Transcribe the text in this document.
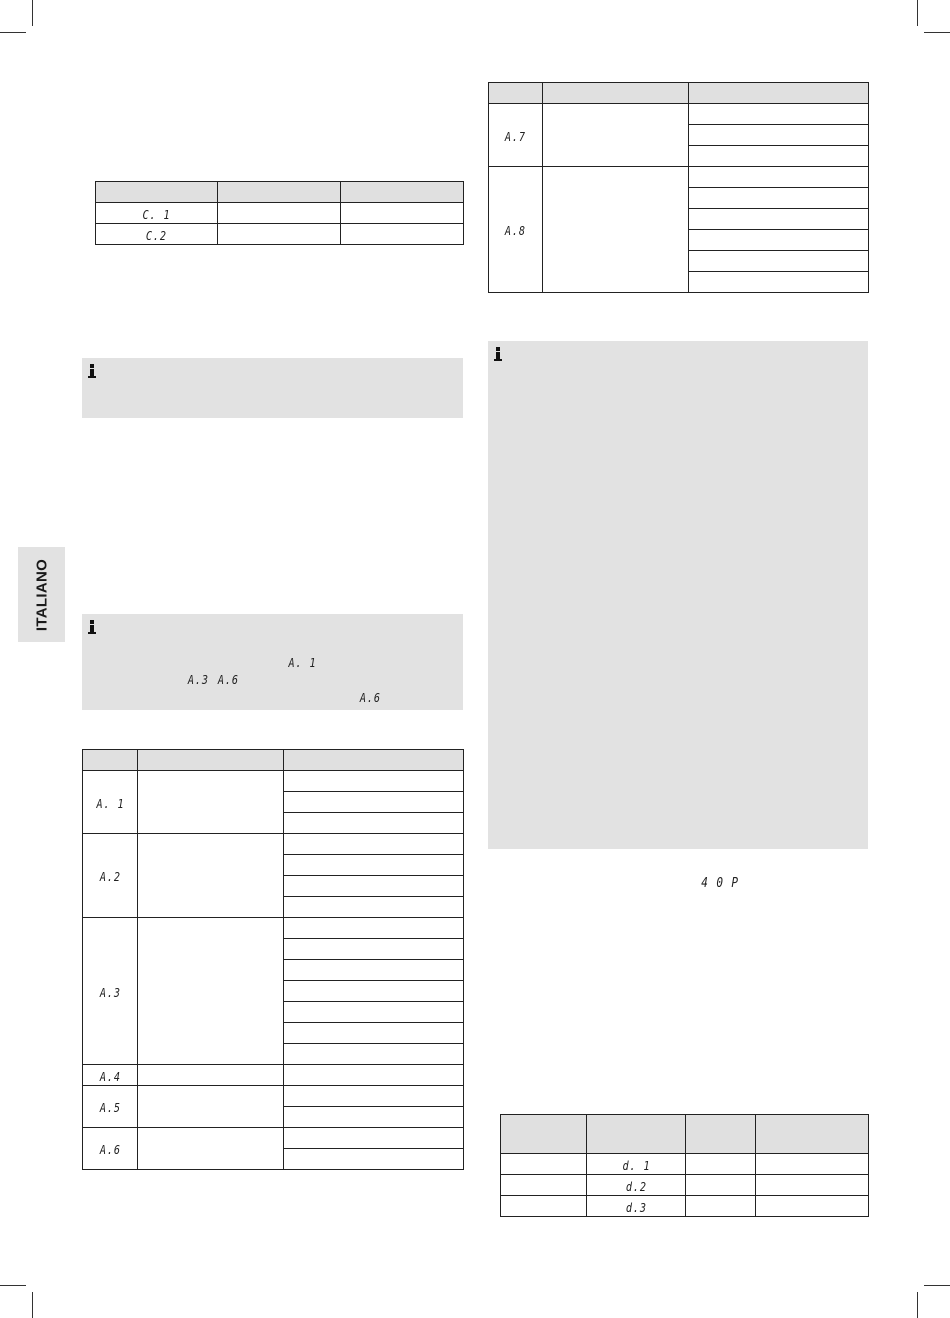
ITALIANO

C. 1		
C.2		
A. 1
A.3 A.6
A.6

A. 1		

A.2		

A.3		

A.4		
A.5		

A.6		

A.7		

A.8		

4 0 P

	d. 1		
	d.2		
	d.3		
